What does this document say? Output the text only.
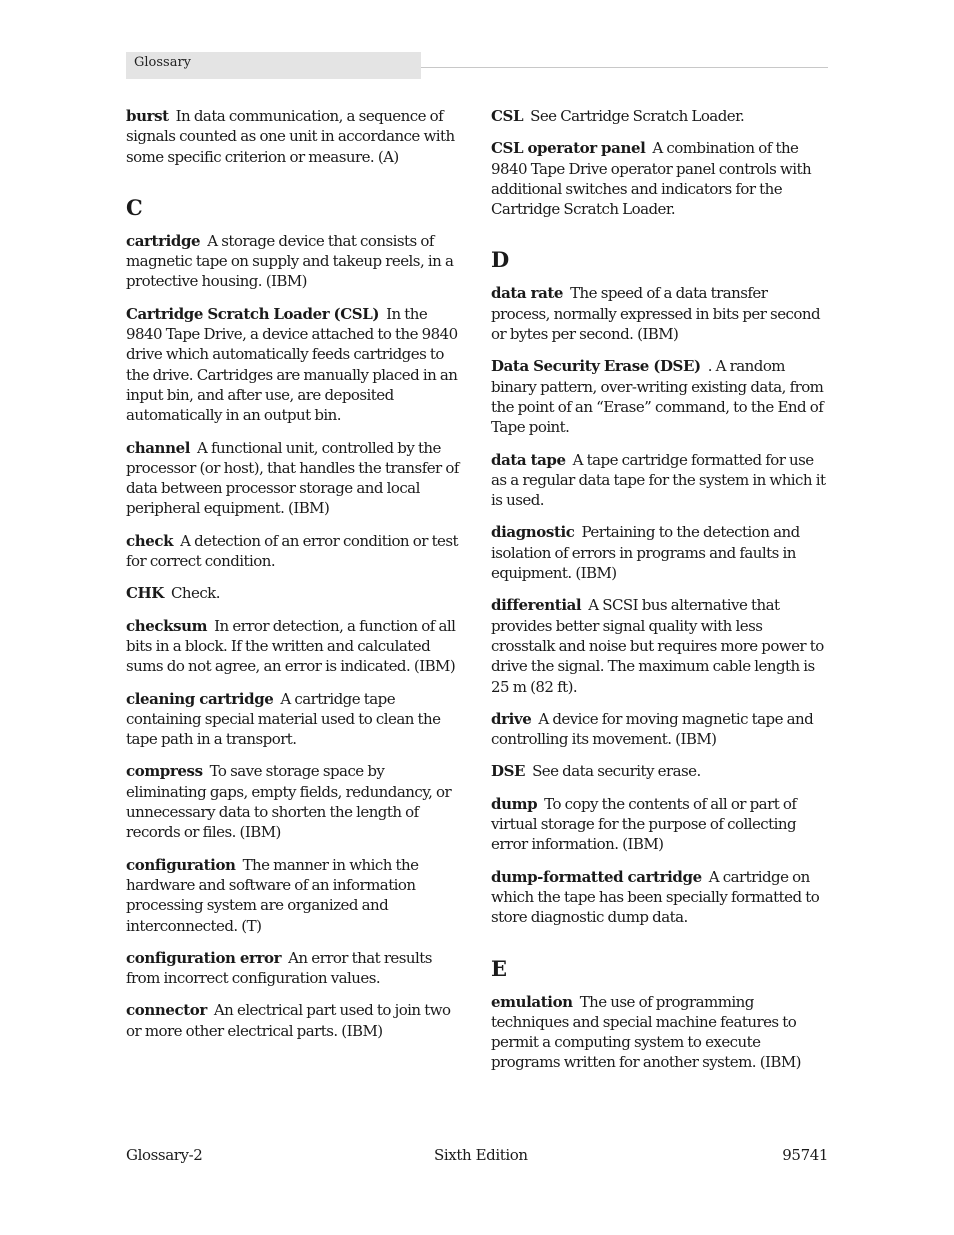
Glossary
burst In data communication, a sequence of signals counted as one unit in accordance with some specific criterion or measure. (A)
C
cartridge A storage device that consists of magnetic tape on supply and takeup reels, in a protective housing. (IBM)
Cartridge Scratch Loader (CSL) In the 9840 Tape Drive, a device attached to the 9840 drive which automatically feeds cartridges to the drive. Cartridges are manually placed in an input bin, and after use, are deposited automatically in an output bin.
channel A functional unit, controlled by the processor (or host), that handles the transfer of data between processor storage and local peripheral equipment. (IBM)
check A detection of an error condition or test for correct condition.
CHK Check.
checksum In error detection, a function of all bits in a block. If the written and calculated sums do not agree, an error is indicated. (IBM)
cleaning cartridge A cartridge tape containing special material used to clean the tape path in a transport.
compress To save storage space by eliminating gaps, empty fields, redundancy, or unnecessary data to shorten the length of records or files. (IBM)
configuration The manner in which the hardware and software of an information processing system are organized and interconnected. (T)
configuration error An error that results from incorrect configuration values.
connector An electrical part used to join two or more other electrical parts. (IBM)
CSL See Cartridge Scratch Loader.
CSL operator panel A combination of the 9840 Tape Drive operator panel controls with additional switches and indicators for the Cartridge Scratch Loader.
D
data rate The speed of a data transfer process, normally expressed in bits per second or bytes per second. (IBM)
Data Security Erase (DSE) . A random binary pattern, over-writing existing data, from the point of an “Erase” command, to the End of Tape point.
data tape A tape cartridge formatted for use as a regular data tape for the system in which it is used.
diagnostic Pertaining to the detection and isolation of errors in programs and faults in equipment. (IBM)
differential A SCSI bus alternative that provides better signal quality with less crosstalk and noise but requires more power to drive the signal. The maximum cable length is 25 m (82 ft).
drive A device for moving magnetic tape and controlling its movement. (IBM)
DSE See data security erase.
dump To copy the contents of all or part of virtual storage for the purpose of collecting error information. (IBM)
dump-formatted cartridge A cartridge on which the tape has been specially formatted to store diagnostic dump data.
E
emulation The use of programming techniques and special machine features to permit a computing system to execute programs written for another system. (IBM)
Glossary-2	Sixth Edition	95741
